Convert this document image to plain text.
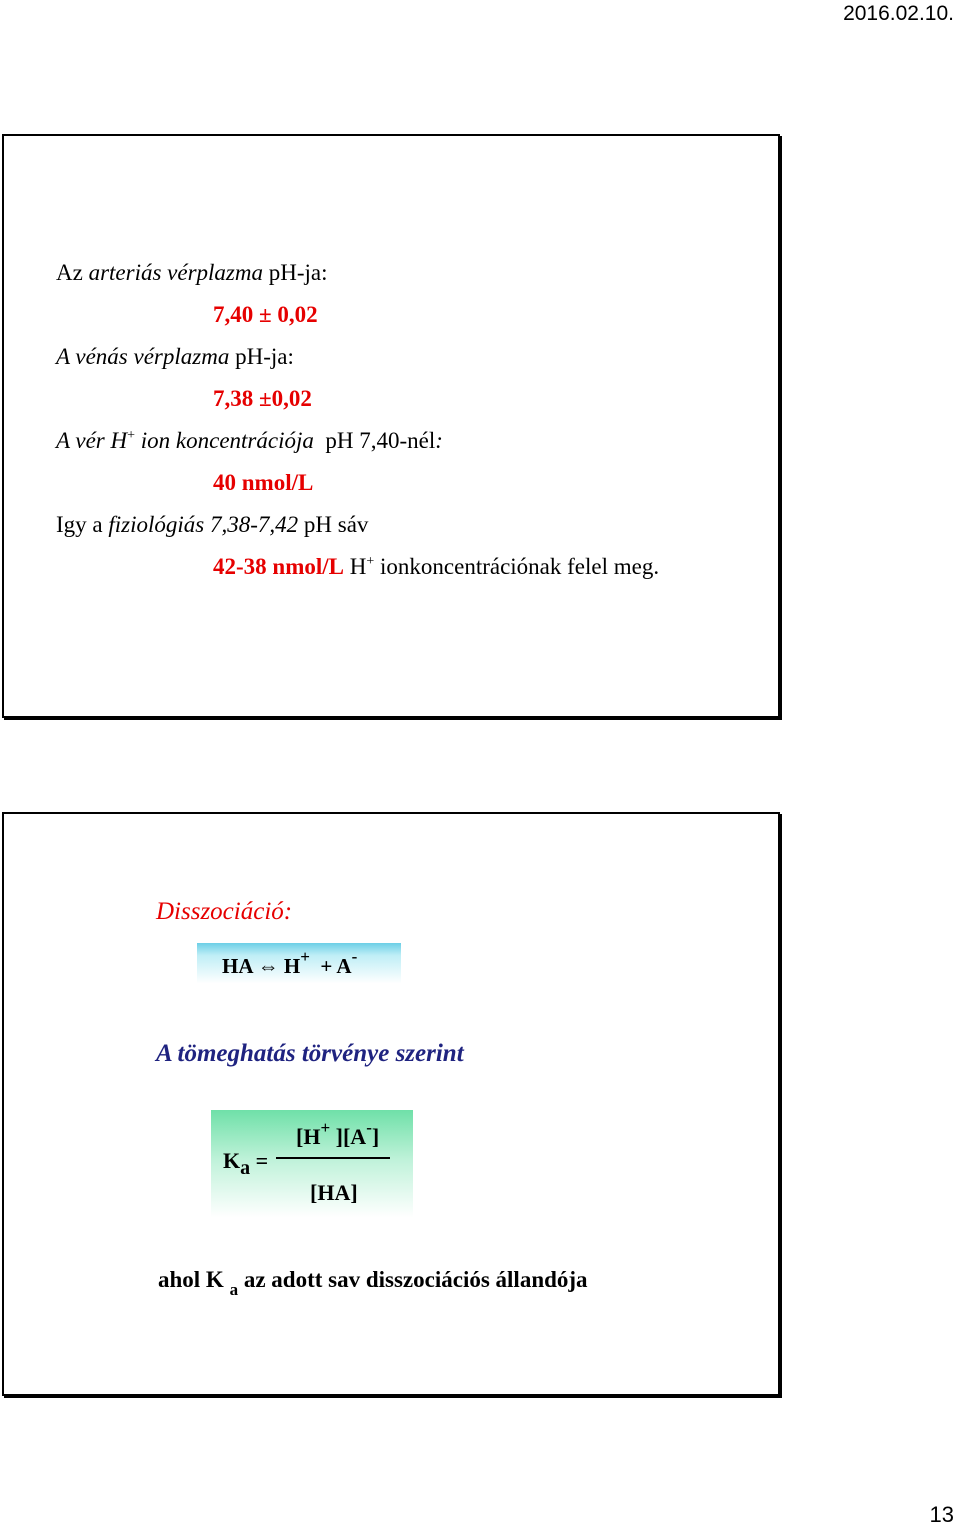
2016.02.10.
Az arteriás vérplazma pH-ja:
7,40 ± 0,02
A vénás vérplazma pH-ja:
7,38 ±0,02
A vér H+ ion koncentrációja  pH 7,40-nél:
40 nmol/L
Igy a fiziológiás 7,38-7,42 pH sáv
42-38 nmol/L H+ ionkoncentrációnak felel meg.
Disszociáció:
HA ⇔ H+  + A-
A tömeghatás törvénye szerint
$K_a$ =
[H+ ][A-]
[HA]
ahol K $_a$ az adott sav disszociációs állandója
13
